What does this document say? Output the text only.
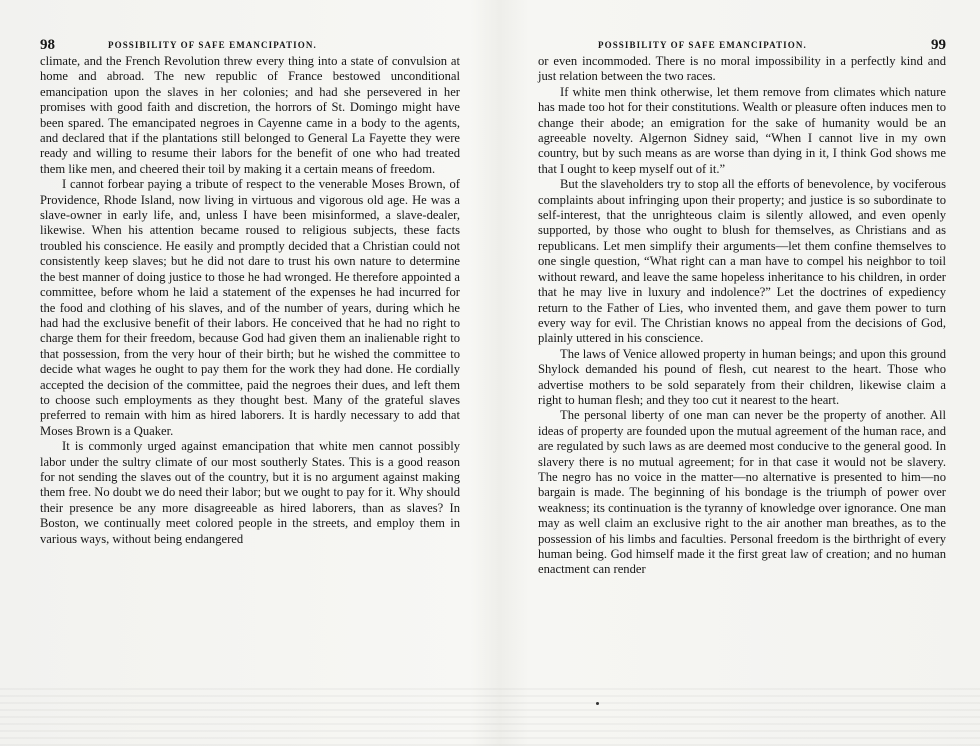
98	POSSIBILITY OF SAFE EMANCIPATION.

climate, and the French Revolution threw every thing into a state of convulsion at home and abroad. The new republic of France bestowed unconditional emancipation upon the slaves in her colonies; and had she persevered in her promises with good faith and discretion, the horrors of St. Domingo might have been spared. The emancipated negroes in Cayenne came in a body to the agents, and declared that if the plantations still belonged to General La Fayette they were ready and willing to resume their labors for the benefit of one who had treated them like men, and cheered their toil by making it a certain means of freedom.

I cannot forbear paying a tribute of respect to the venerable Moses Brown, of Providence, Rhode Island, now living in virtuous and vigorous old age. He was a slave-owner in early life, and, unless I have been misinformed, a slave-dealer, likewise. When his attention became roused to religious subjects, these facts troubled his conscience. He easily and promptly decided that a Christian could not consistently keep slaves; but he did not dare to trust his own nature to determine the best manner of doing justice to those he had wronged. He therefore appointed a committee, before whom he laid a statement of the expenses he had incurred for the food and clothing of his slaves, and of the number of years, during which he had had the exclusive benefit of their labors. He conceived that he had no right to charge them for their freedom, because God had given them an inalienable right to that possession, from the very hour of their birth; but he wished the committee to decide what wages he ought to pay them for the work they had done. He cordially accepted the decision of the committee, paid the negroes their dues, and left them to choose such employments as they thought best. Many of the grateful slaves preferred to remain with him as hired laborers. It is hardly necessary to add that Moses Brown is a Quaker.

It is commonly urged against emancipation that white men cannot possibly labor under the sultry climate of our most southerly States. This is a good reason for not sending the slaves out of the country, but it is no argument against making them free. No doubt we do need their labor; but we ought to pay for it. Why should their presence be any more disagreeable as hired laborers, than as slaves? In Boston, we continually meet colored people in the streets, and employ them in various ways, without being endangered

POSSIBILITY OF SAFE EMANCIPATION.	99

or even incommoded. There is no moral impossibility in a perfectly kind and just relation between the two races.

If white men think otherwise, let them remove from climates which nature has made too hot for their constitutions. Wealth or pleasure often induces men to change their abode; an emigration for the sake of humanity would be an agreeable novelty. Algernon Sidney said, “When I cannot live in my own country, but by such means as are worse than dying in it, I think God shows me that I ought to keep myself out of it.”

But the slaveholders try to stop all the efforts of benevolence, by vociferous complaints about infringing upon their property; and justice is so subordinate to self-interest, that the unrighteous claim is silently allowed, and even openly supported, by those who ought to blush for themselves, as Christians and as republicans. Let men simplify their arguments—let them confine themselves to one single question, “What right can a man have to compel his neighbor to toil without reward, and leave the same hopeless inheritance to his children, in order that he may live in luxury and indolence?” Let the doctrines of expediency return to the Father of Lies, who invented them, and gave them power to turn every way for evil. The Christian knows no appeal from the decisions of God, plainly uttered in his conscience.

The laws of Venice allowed property in human beings; and upon this ground Shylock demanded his pound of flesh, cut nearest to the heart. Those who advertise mothers to be sold separately from their children, likewise claim a right to human flesh; and they too cut it nearest to the heart.

The personal liberty of one man can never be the property of another. All ideas of property are founded upon the mutual agreement of the human race, and are regulated by such laws as are deemed most conducive to the general good. In slavery there is no mutual agreement; for in that case it would not be slavery. The negro has no voice in the matter—no alternative is presented to him—no bargain is made. The beginning of his bondage is the triumph of power over weakness; its continuation is the tyranny of knowledge over ignorance. One man may as well claim an exclusive right to the air another man breathes, as to the possession of his limbs and faculties. Personal freedom is the birthright of every human being. God himself made it the first great law of creation; and no human enactment can render
